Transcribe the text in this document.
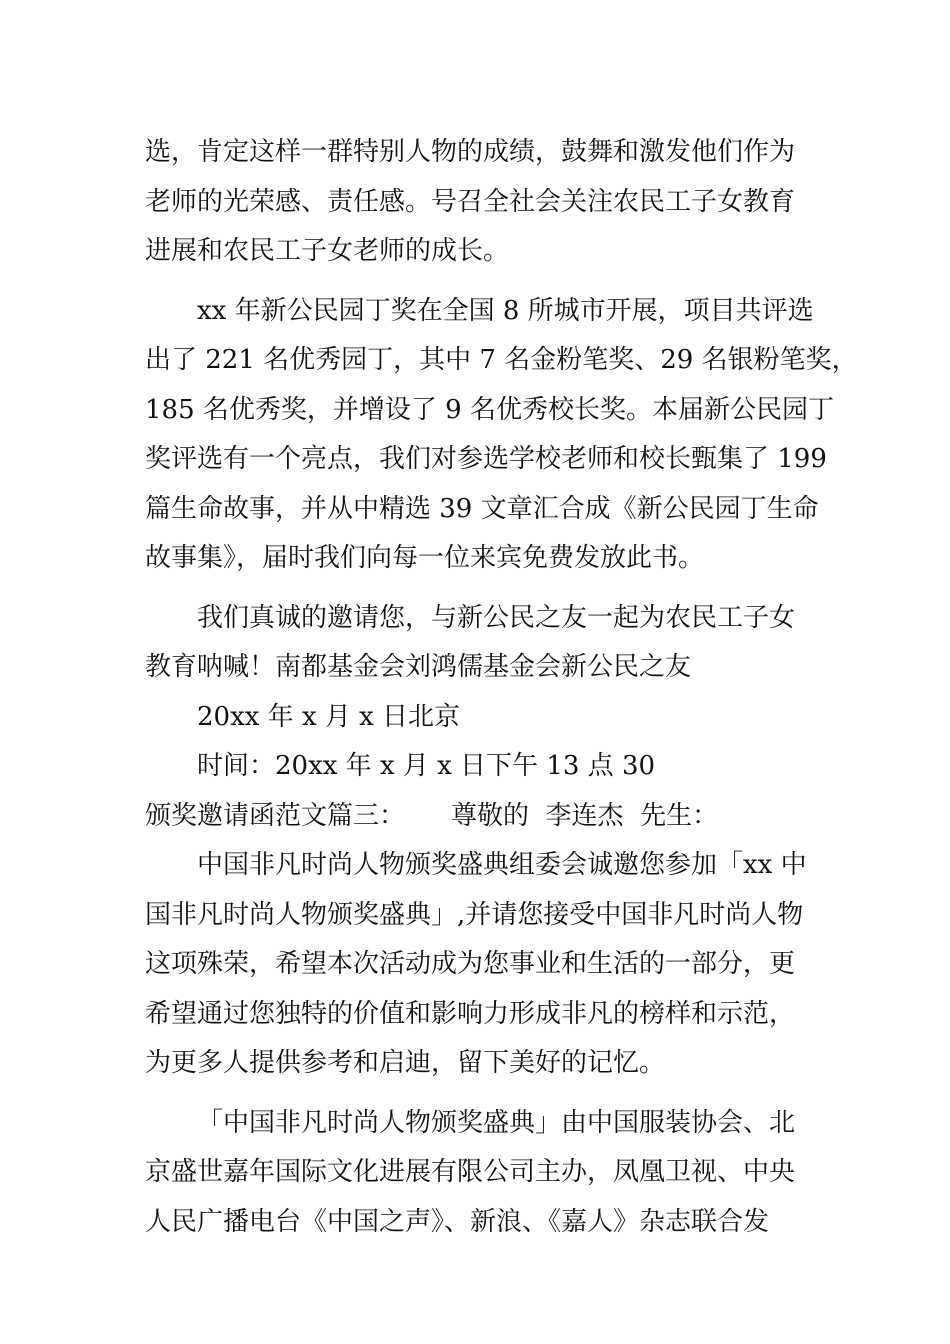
选，肯定这样一群特别人物的成绩，鼓舞和激发他们作为
老师的光荣感、责任感。号召全社会关注农民工子女教育
进展和农民工子女老师的成长。
xx 年新公民园丁奖在全国 8 所城市开展，项目共评选
出了 221 名优秀园丁，其中 7 名金粉笔奖、29 名银粉笔奖，
185 名优秀奖，并增设了 9 名优秀校长奖。本届新公民园丁
奖评选有一个亮点，我们对参选学校老师和校长甄集了 199
篇生命故事，并从中精选 39 文章汇合成《新公民园丁生命
故事集》，届时我们向每一位来宾免费发放此书。
我们真诚的邀请您，与新公民之友一起为农民工子女
教育呐喊！南都基金会刘鸿儒基金会新公民之友
20xx 年 x 月 x 日北京
时间：20xx 年 x 月 x 日下午 13 点 30
颁奖邀请函范文篇三： 尊敬的  李连杰  先生：
中国非凡时尚人物颁奖盛典组委会诚邀您参加「xx 中
国非凡时尚人物颁奖盛典」,并请您接受中国非凡时尚人物
这项殊荣，希望本次活动成为您事业和生活的一部分，更
希望通过您独特的价值和影响力形成非凡的榜样和示范，
为更多人提供参考和启迪，留下美好的记忆。
「中国非凡时尚人物颁奖盛典」由中国服装协会、北
京盛世嘉年国际文化进展有限公司主办，凤凰卫视、中央
人民广播电台《中国之声》、新浪、《嘉人》杂志联合发
